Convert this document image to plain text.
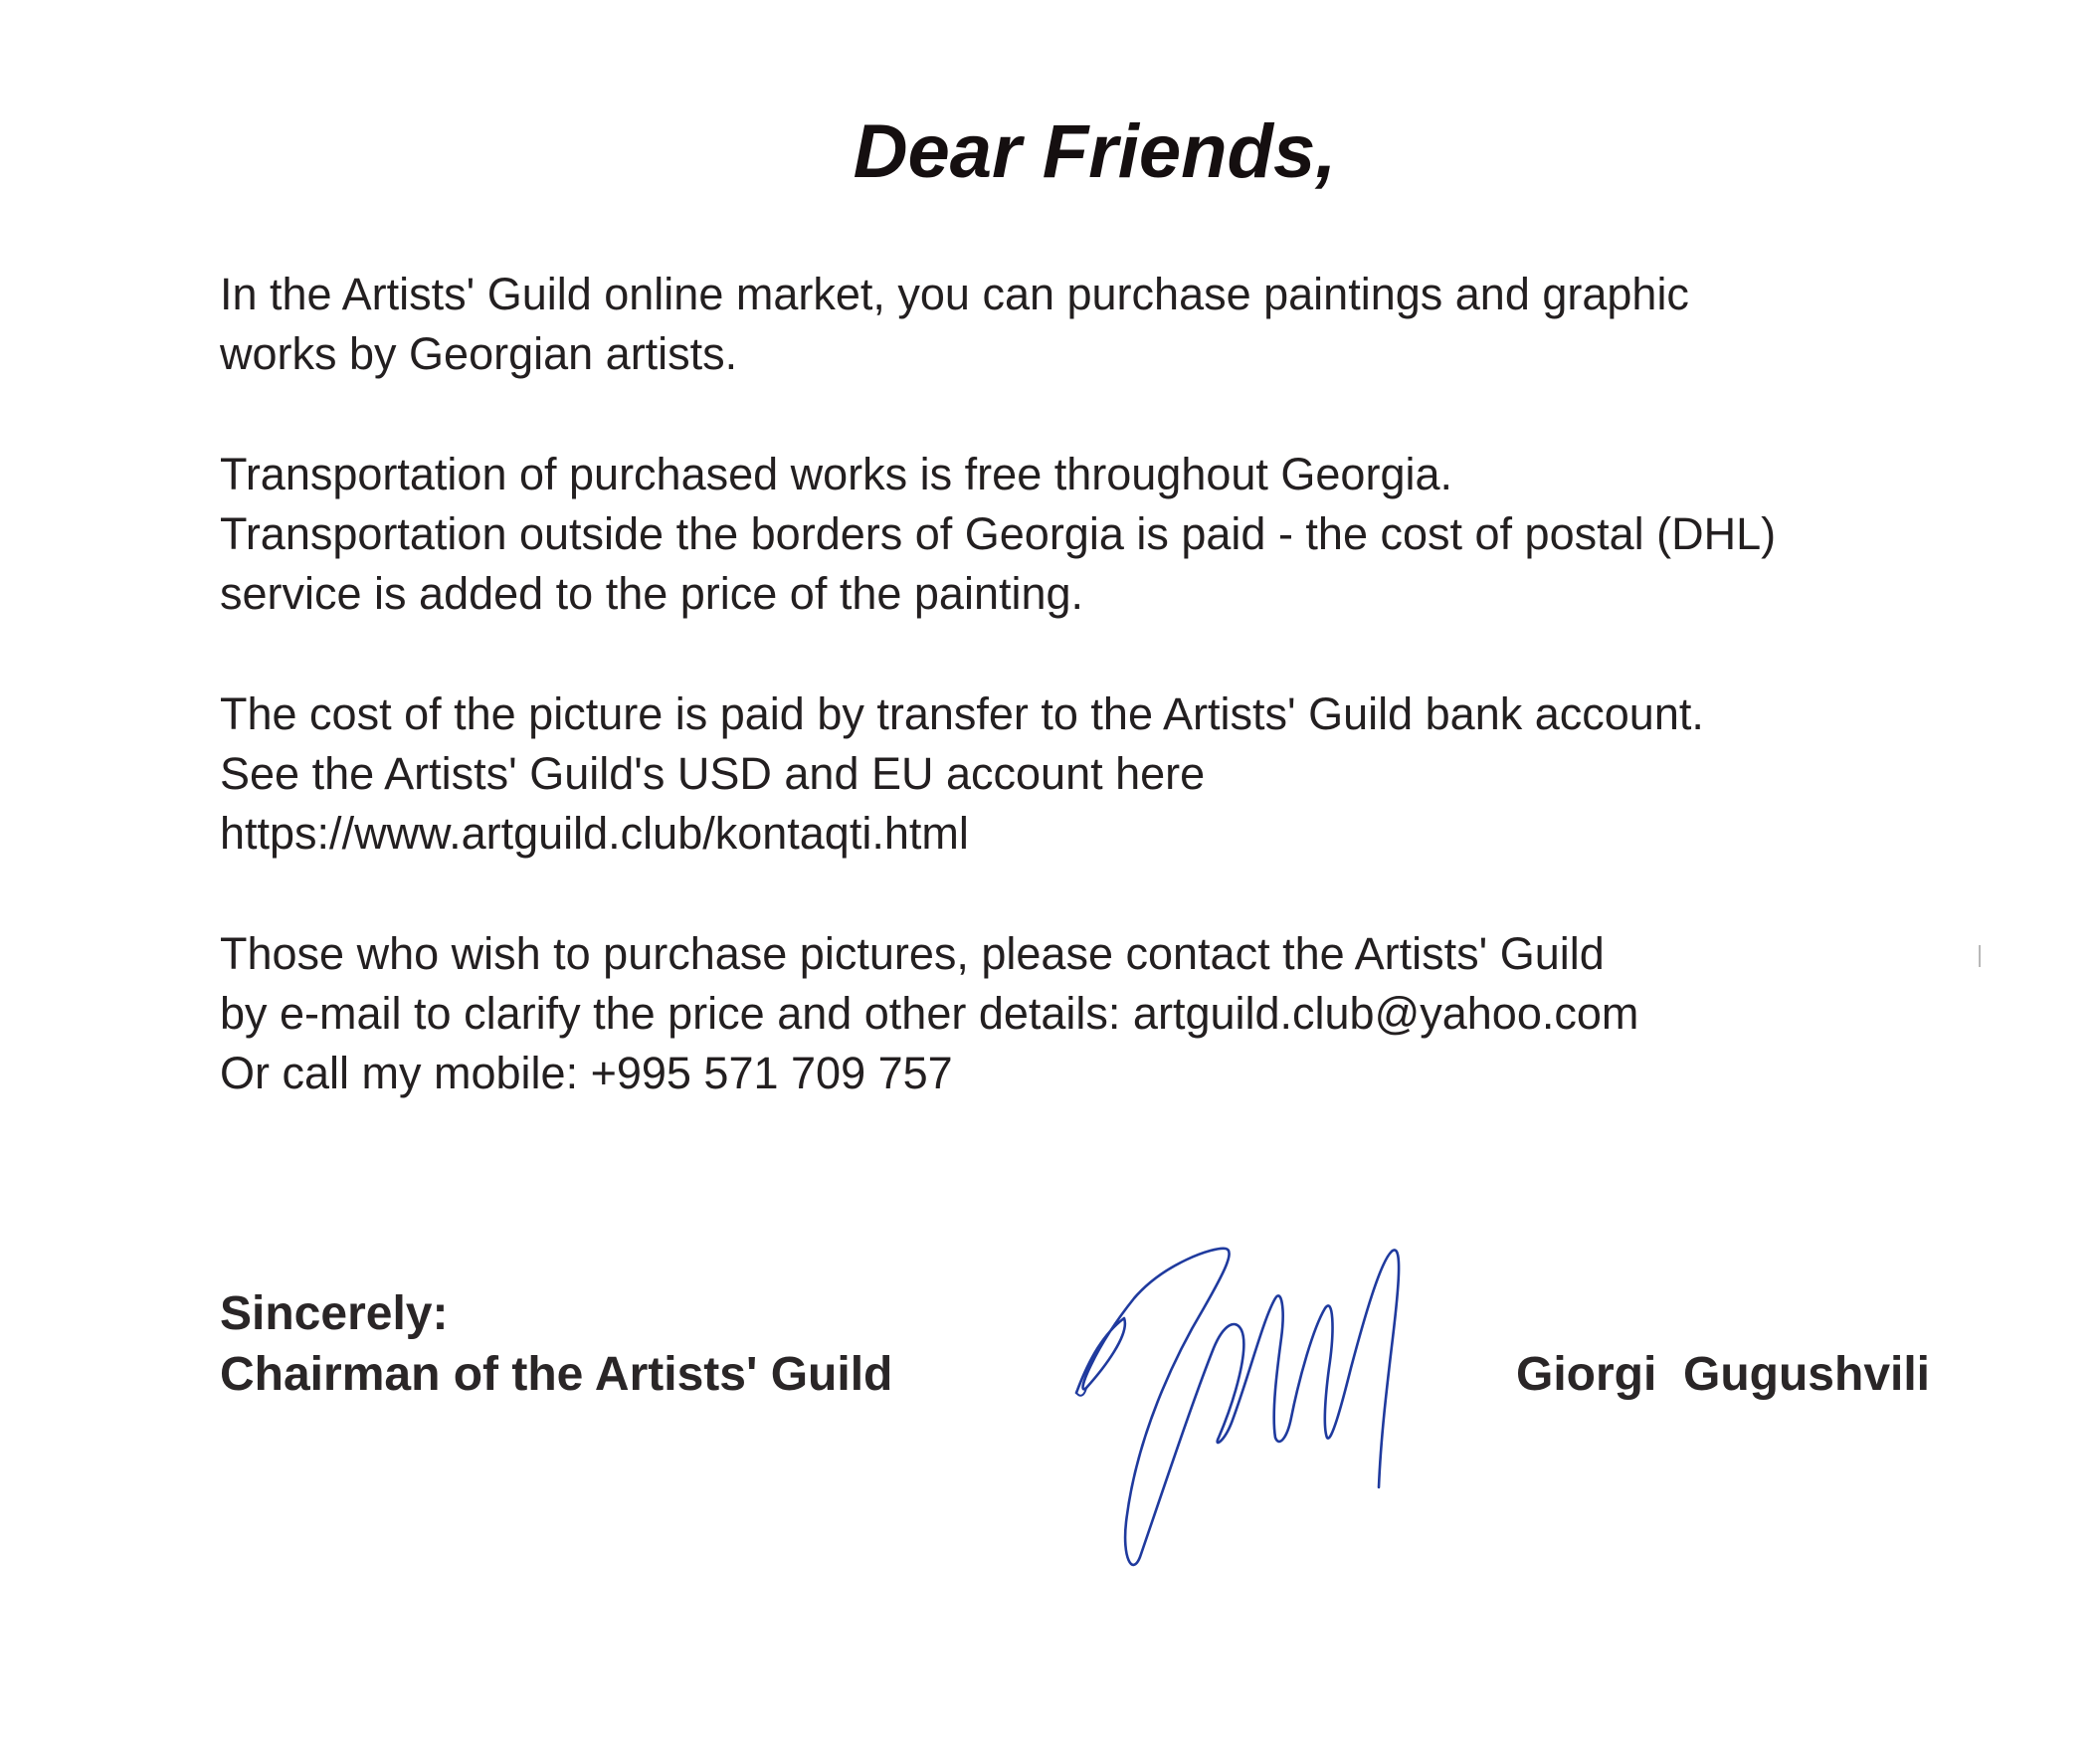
Dear Friends,

In the Artists' Guild online market, you can purchase paintings and graphic
works by Georgian artists.

Transportation of purchased works is free throughout Georgia.
Transportation outside the borders of Georgia is paid - the cost of postal (DHL)
service is added to the price of the painting.

The cost of the picture is paid by transfer to the Artists' Guild bank account.
See the Artists' Guild's USD and EU account here
https://www.artguild.club/kontaqti.html

Those who wish to purchase pictures, please contact the Artists' Guild
by e-mail to clarify the price and other details: artguild.club@yahoo.com
Or call my mobile: +995 571 709 757

Sincerely:
Chairman of the Artists' Guild	Giorgi  Gugushvili
